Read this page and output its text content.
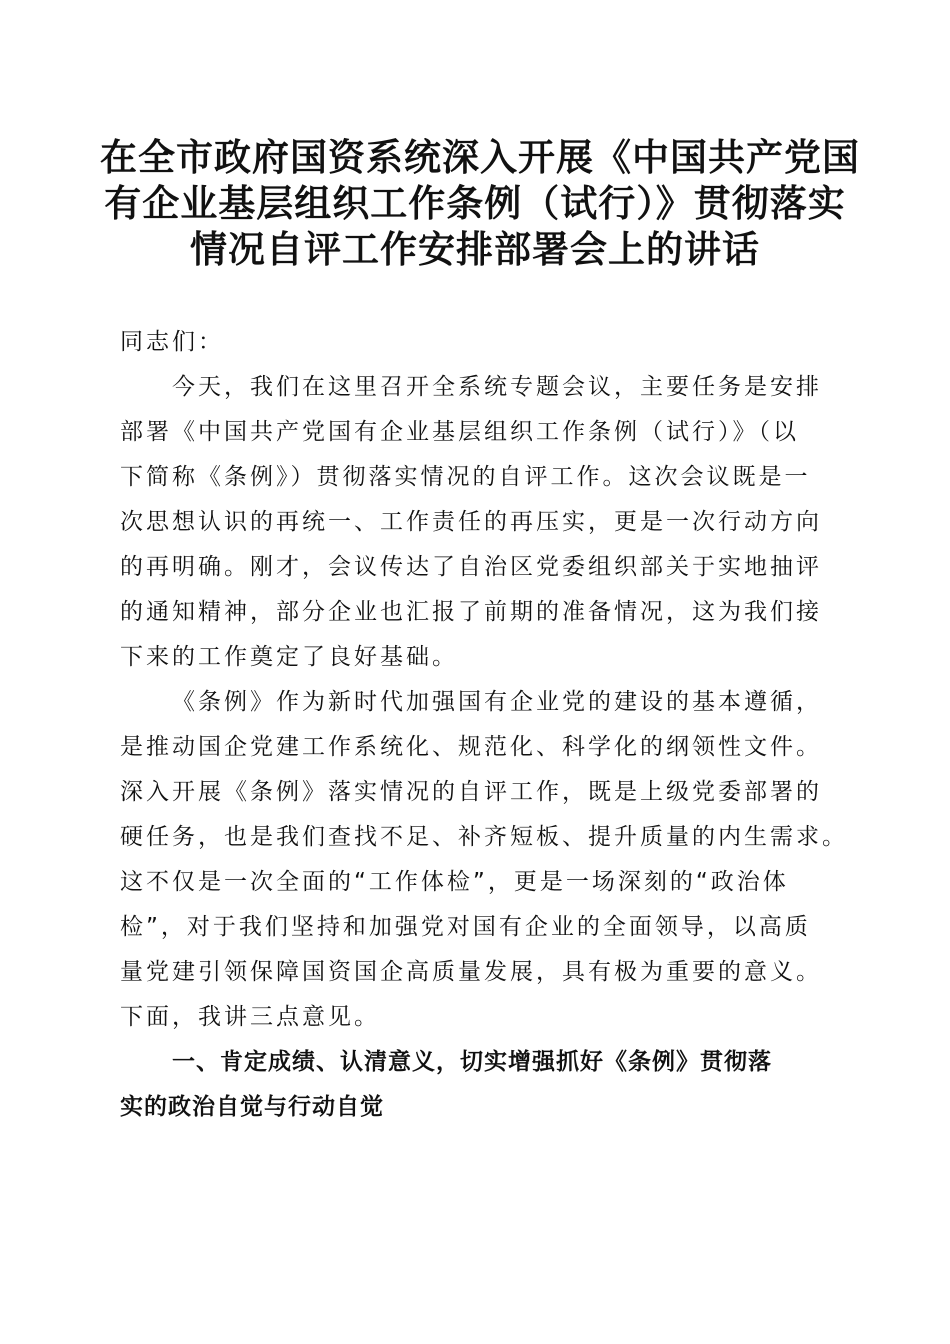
在全市政府国资系统深入开展《中国共产党国
有企业基层组织工作条例（试行）》贯彻落实
情况自评工作安排部署会上的讲话
同志们：
今天，我们在这里召开全系统专题会议，主要任务是安排
部署《中国共产党国有企业基层组织工作条例（试行）》（以
下简称《条例》）贯彻落实情况的自评工作。这次会议既是一
次思想认识的再统一、工作责任的再压实，更是一次行动方向
的再明确。刚才，会议传达了自治区党委组织部关于实地抽评
的通知精神，部分企业也汇报了前期的准备情况，这为我们接
下来的工作奠定了良好基础。
《条例》作为新时代加强国有企业党的建设的基本遵循，
是推动国企党建工作系统化、规范化、科学化的纲领性文件。
深入开展《条例》落实情况的自评工作，既是上级党委部署的
硬任务，也是我们查找不足、补齐短板、提升质量的内生需求。
这不仅是一次全面的“工作体检”，更是一场深刻的“政治体
检”，对于我们坚持和加强党对国有企业的全面领导，以高质
量党建引领保障国资国企高质量发展，具有极为重要的意义。
下面，我讲三点意见。
一、肯定成绩、认清意义，切实增强抓好《条例》贯彻落
实的政治自觉与行动自觉
